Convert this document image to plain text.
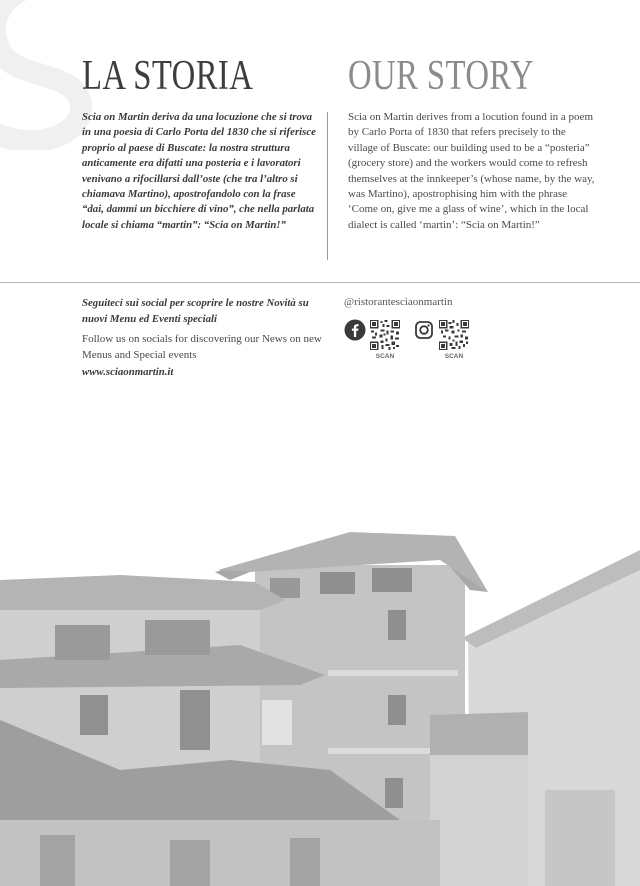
LA STORIA OUR STORY

Scia on Martin deriva da una locuzione che si trova in una poesia di Carlo Porta del 1830 che si riferisce proprio al paese di Buscate: la nostra struttura anticamente era difatti una posteria e i lavoratori venivano a rifocillarsi dall’oste (che tra l’altro si chiamava Martino), apostrofandolo con la frase “dai, dammi un bicchiere di vino”, che nella parlata locale si chiama “martin”: “Scia on Martin!”

Scia on Martin derives from a locution found in a poem by Carlo Porta of 1830 that refers precisely to the village of Buscate: our building used to be a “posteria” (grocery store) and the workers would come to refresh themselves at the innkeeper’s (whose name, by the way, was Martino), apostrophising him with the phrase ‘Come on, give me a glass of wine’, which in the local dialect is called ‘martin’: “Scia on Martin!”

Seguiteci sui social per scoprire le nostre Novità su nuovi Menu ed Eventi speciali

Follow us on socials for discovering our News on new Menus and Special events

www.sciaonmartin.it
@ristorantesciaonmartin
SCAN	SCAN
